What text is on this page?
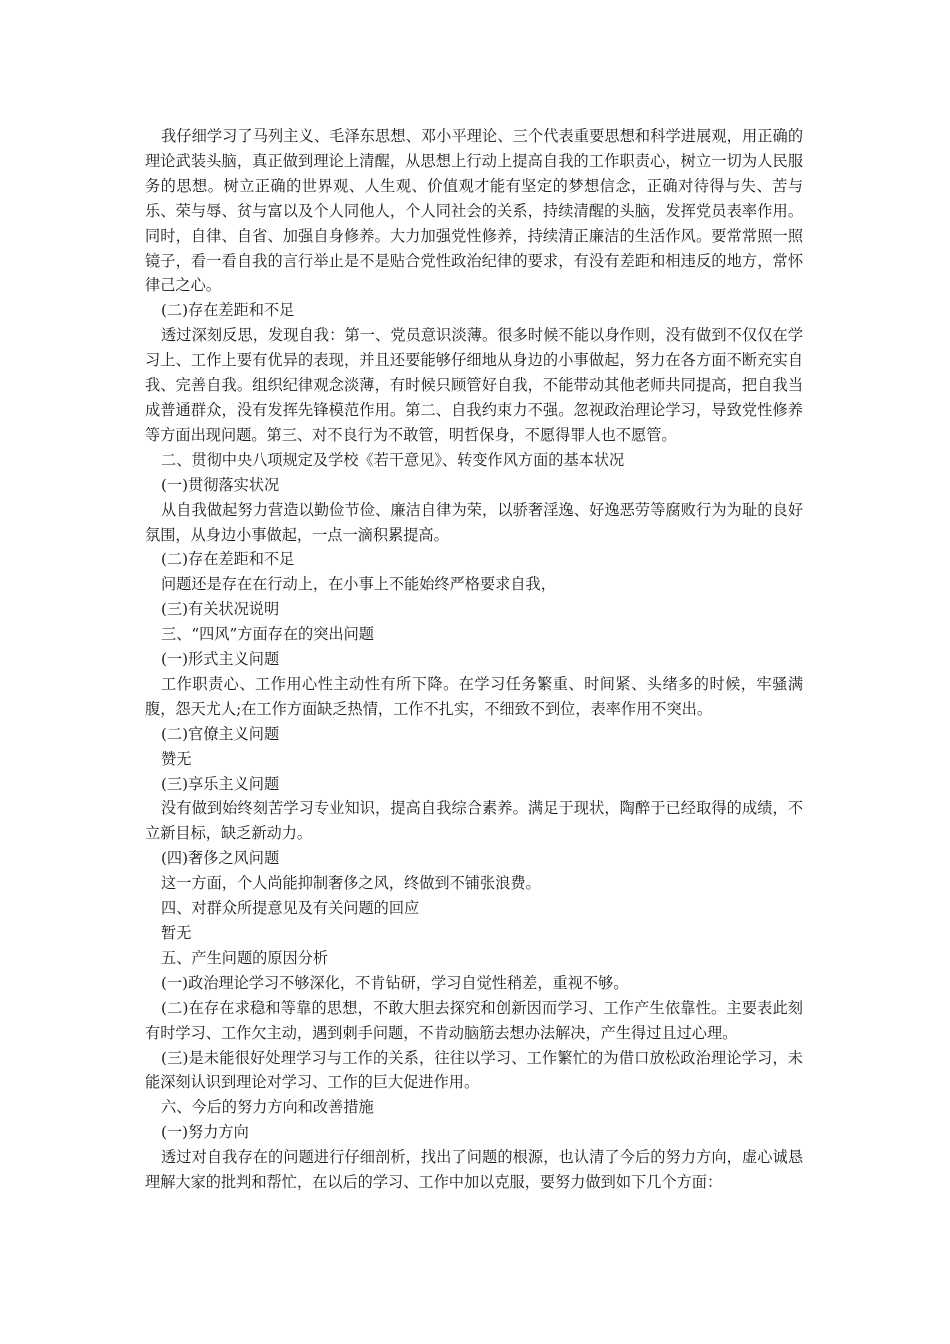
我仔细学习了马列主义、毛泽东思想、邓小平理论、三个代表重要思想和科学进展观，用正确的理论武装头脑，真正做到理论上清醒，从思想上行动上提高自我的工作职责心，树立一切为人民服务的思想。树立正确的世界观、人生观、价值观才能有坚定的梦想信念，正确对待得与失、苦与乐、荣与辱、贫与富以及个人同他人，个人同社会的关系，持续清醒的头脑，发挥党员表率作用。同时，自律、自省、加强自身修养。大力加强党性修养，持续清正廉洁的生活作风。要常常照一照镜子，看一看自我的言行举止是不是贴合党性政治纪律的要求，有没有差距和相违反的地方，常怀律己之心。

(二)存在差距和不足

透过深刻反思，发现自我：第一、党员意识淡薄。很多时候不能以身作则，没有做到不仅仅在学习上、工作上要有优异的表现，并且还要能够仔细地从身边的小事做起，努力在各方面不断充实自我、完善自我。组织纪律观念淡薄，有时候只顾管好自我，不能带动其他老师共同提高，把自我当成普通群众，没有发挥先锋模范作用。第二、自我约束力不强。忽视政治理论学习，导致党性修养等方面出现问题。第三、对不良行为不敢管，明哲保身，不愿得罪人也不愿管。

二、贯彻中央八项规定及学校《若干意见》、转变作风方面的基本状况

(一)贯彻落实状况

从自我做起努力营造以勤俭节俭、廉洁自律为荣，以骄奢淫逸、好逸恶劳等腐败行为为耻的良好氛围，从身边小事做起，一点一滴积累提高。

(二)存在差距和不足

问题还是存在在行动上，在小事上不能始终严格要求自我，

(三)有关状况说明

三、“四风”方面存在的突出问题

(一)形式主义问题

工作职责心、工作用心性主动性有所下降。在学习任务繁重、时间紧、头绪多的时候，牢骚满腹，怨天尤人;在工作方面缺乏热情，工作不扎实，不细致不到位，表率作用不突出。

(二)官僚主义问题

赞无

(三)享乐主义问题

没有做到始终刻苦学习专业知识，提高自我综合素养。满足于现状，陶醉于已经取得的成绩，不立新目标，缺乏新动力。

(四)奢侈之风问题

这一方面，个人尚能抑制奢侈之风，终做到不铺张浪费。

四、对群众所提意见及有关问题的回应

暂无

五、产生问题的原因分析

(一)政治理论学习不够深化，不肯钻研，学习自觉性稍差，重视不够。

(二)在存在求稳和等靠的思想，不敢大胆去探究和创新因而学习、工作产生依靠性。主要表此刻有时学习、工作欠主动，遇到刺手问题，不肯动脑筋去想办法解决，产生得过且过心理。

(三)是未能很好处理学习与工作的关系，往往以学习、工作繁忙的为借口放松政治理论学习，未能深刻认识到理论对学习、工作的巨大促进作用。

六、今后的努力方向和改善措施

(一)努力方向

透过对自我存在的问题进行仔细剖析，找出了问题的根源，也认清了今后的努力方向，虚心诚恳理解大家的批判和帮忙，在以后的学习、工作中加以克服，要努力做到如下几个方面：
